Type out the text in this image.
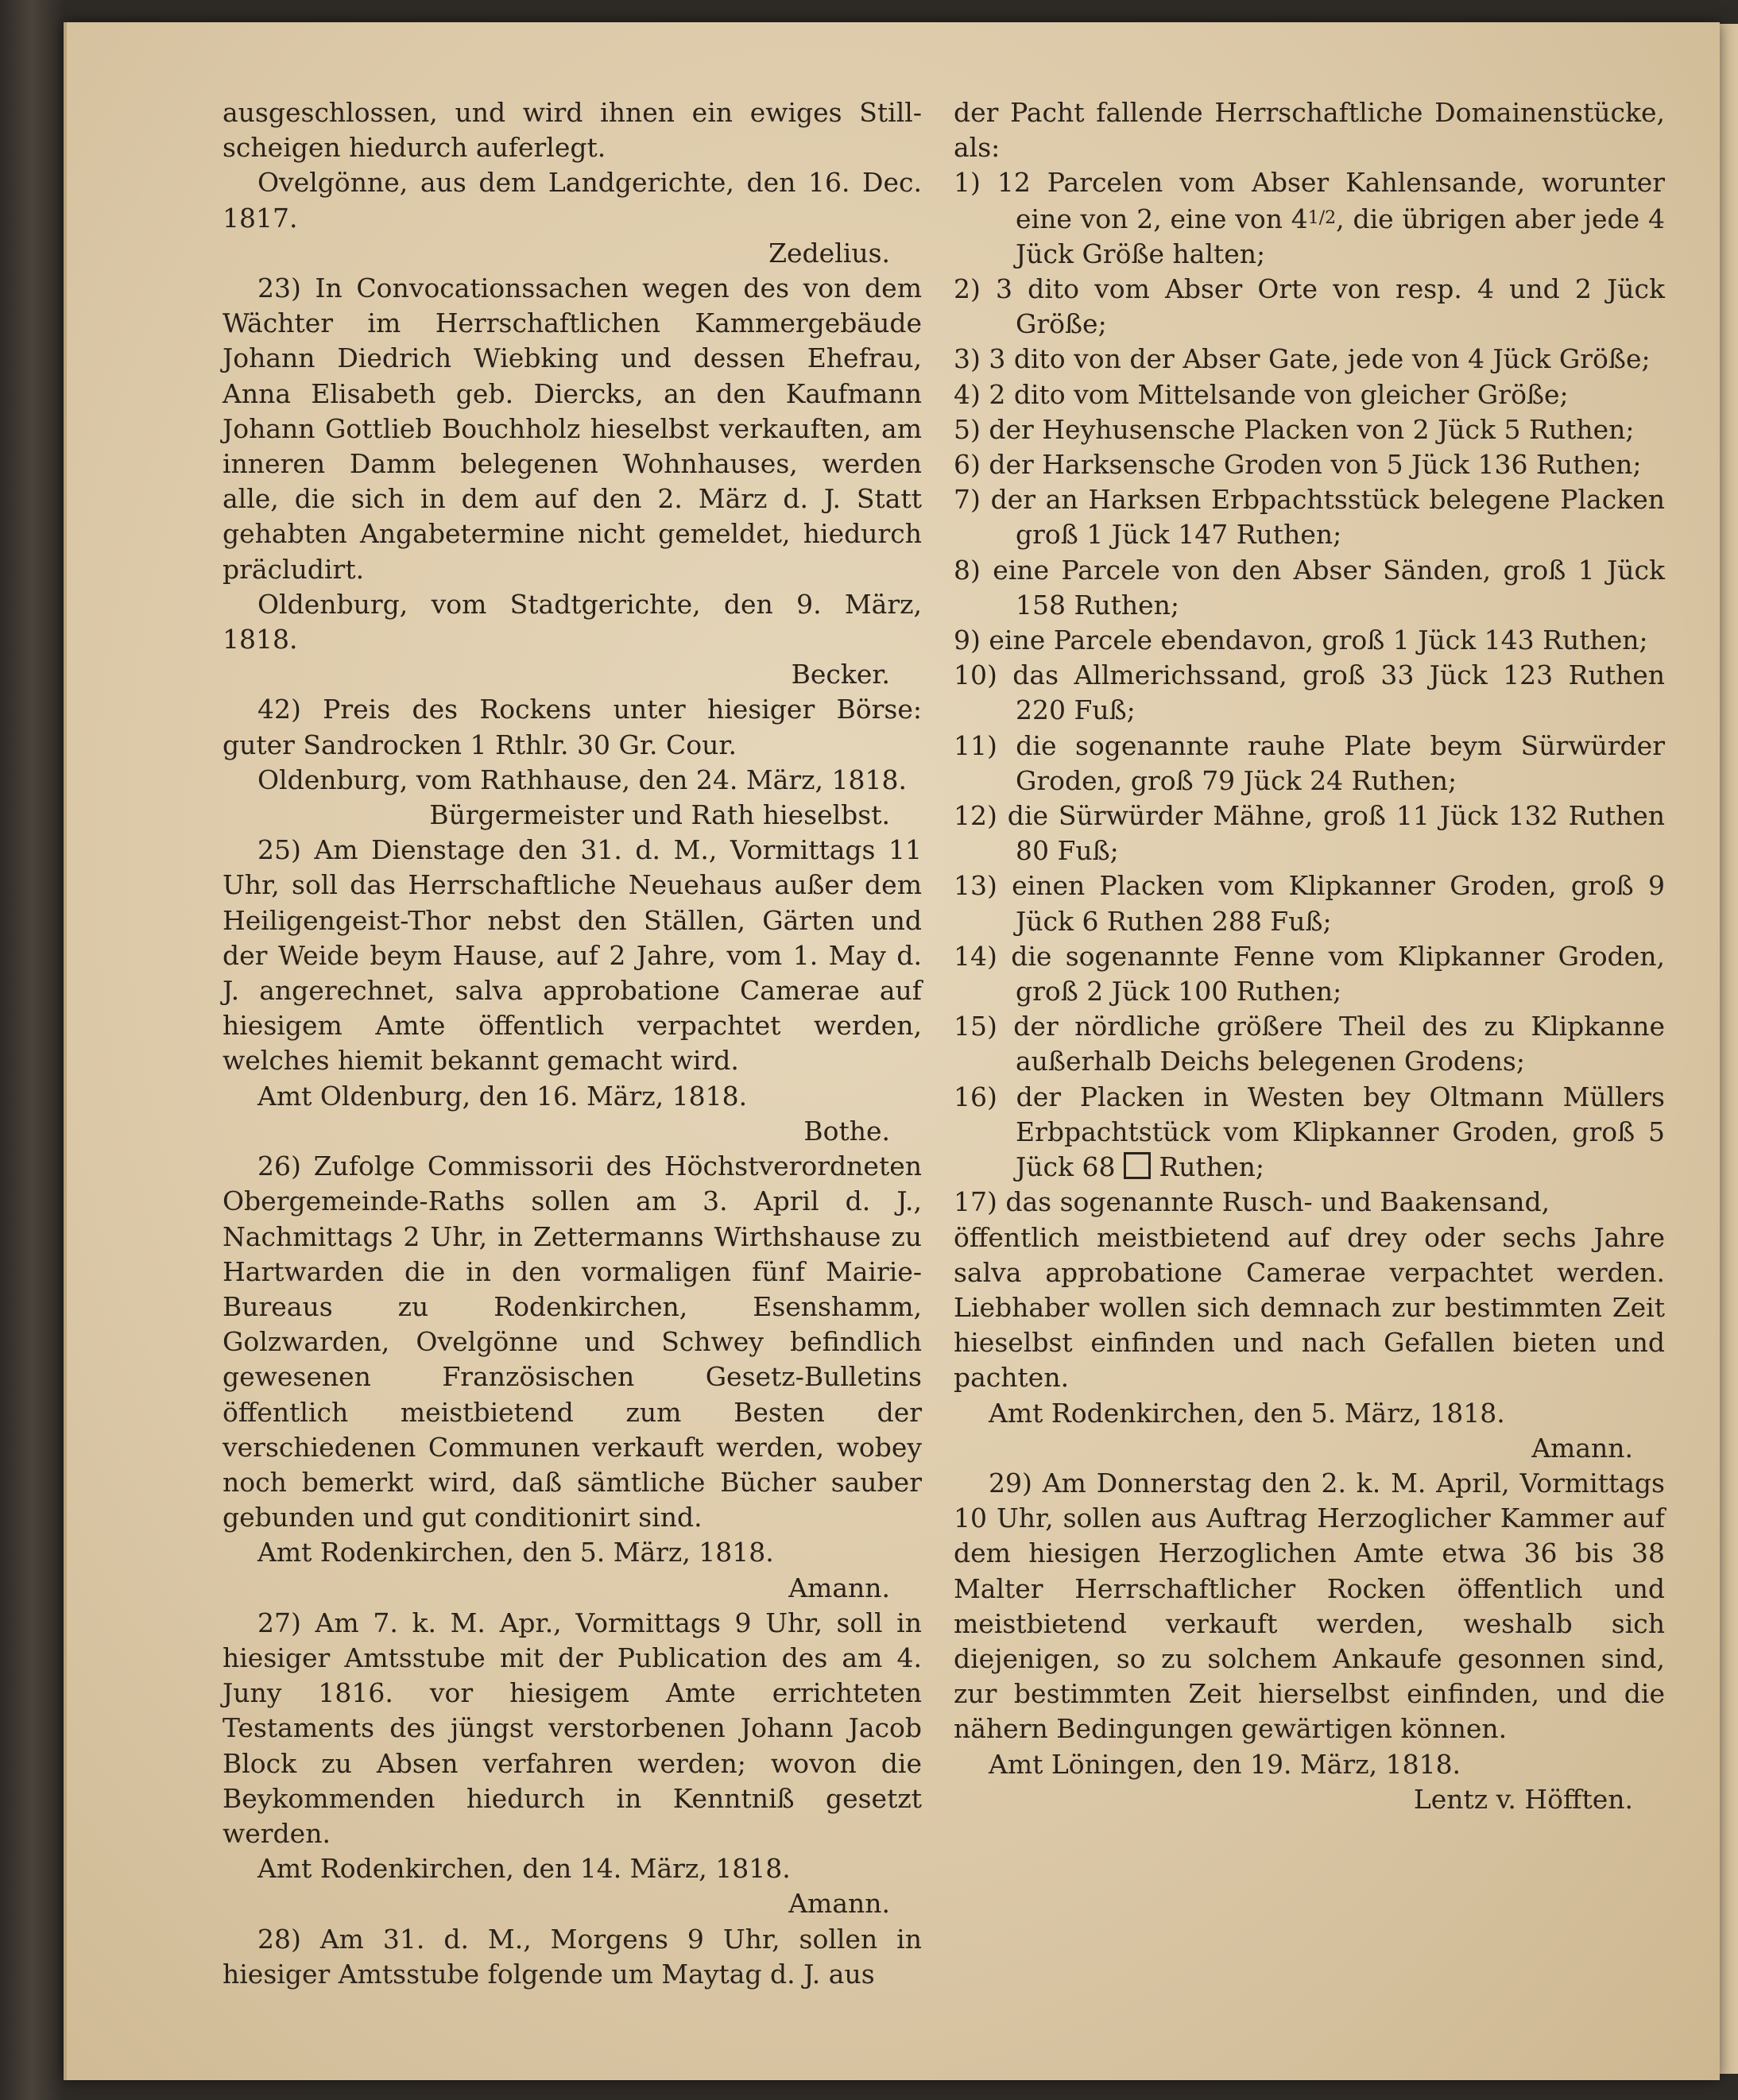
ausgeschlossen, und wird ihnen ein ewiges Still-scheigen hiedurch auferlegt.

Ovelgönne, aus dem Landgerichte, den 16. Dec. 1817.

Zedelius.

23) In Convocationssachen wegen des von dem Wächter im Herrschaftlichen Kammergebäude Johann Diedrich Wiebking und dessen Ehefrau, Anna Elisabeth geb. Diercks, an den Kaufmann Johann Gottlieb Bouchholz hieselbst verkauften, am inneren Damm belegenen Wohnhauses, werden alle, die sich in dem auf den 2. März d. J. Statt gehabten Angabetermine nicht gemeldet, hiedurch präcludirt.

Oldenburg, vom Stadtgerichte, den 9. März, 1818.

Becker.

42) Preis des Rockens unter hiesiger Börse: guter Sandrocken 1 Rthlr. 30 Gr. Cour.

Oldenburg, vom Rathhause, den 24. März, 1818.

Bürgermeister und Rath hieselbst.

25) Am Dienstage den 31. d. M., Vormittags 11 Uhr, soll das Herrschaftliche Neuehaus außer dem Heiligengeist-Thor nebst den Ställen, Gärten und der Weide beym Hause, auf 2 Jahre, vom 1. May d. J. angerechnet, salva approbatione Camerae auf hiesigem Amte öffentlich verpachtet werden, welches hiemit bekannt gemacht wird.

Amt Oldenburg, den 16. März, 1818.

Bothe.

26) Zufolge Commissorii des Höchstverordneten Obergemeinde-Raths sollen am 3. April d. J., Nachmittags 2 Uhr, in Zettermanns Wirthshause zu Hartwarden die in den vormaligen fünf Mairie-Bureaus zu Rodenkirchen, Esenshamm, Golzwarden, Ovelgönne und Schwey befindlich gewesenen Französischen Gesetz-Bulletins öffentlich meistbietend zum Besten der verschiedenen Communen verkauft werden, wobey noch bemerkt wird, daß sämtliche Bücher sauber gebunden und gut conditionirt sind.

Amt Rodenkirchen, den 5. März, 1818.

Amann.

27) Am 7. k. M. Apr., Vormittags 9 Uhr, soll in hiesiger Amtsstube mit der Publication des am 4. Juny 1816. vor hiesigem Amte errichteten Testaments des jüngst verstorbenen Johann Jacob Block zu Absen verfahren werden; wovon die Beykommenden hiedurch in Kenntniß gesetzt werden.

Amt Rodenkirchen, den 14. März, 1818.

Amann.

28) Am 31. d. M., Morgens 9 Uhr, sollen in hiesiger Amtsstube folgende um Maytag d. J. aus

der Pacht fallende Herrschaftliche Domainenstücke, als:

1) 12 Parcelen vom Abser Kahlensande, worunter eine von 2, eine von 41/2, die übrigen aber jede 4 Jück Größe halten;

2) 3 dito vom Abser Orte von resp. 4 und 2 Jück Größe;

3) 3 dito von der Abser Gate, jede von 4 Jück Größe;

4) 2 dito vom Mittelsande von gleicher Größe;

5) der Heyhusensche Placken von 2 Jück 5 Ruthen;

6) der Harksensche Groden von 5 Jück 136 Ruthen;

7) der an Harksen Erbpachtsstück belegene Placken groß 1 Jück 147 Ruthen;

8) eine Parcele von den Abser Sänden, groß 1 Jück 158 Ruthen;

9) eine Parcele ebendavon, groß 1 Jück 143 Ruthen;

10) das Allmerichssand, groß 33 Jück 123 Ruthen 220 Fuß;

11) die sogenannte rauhe Plate beym Sürwürder Groden, groß 79 Jück 24 Ruthen;

12) die Sürwürder Mähne, groß 11 Jück 132 Ruthen 80 Fuß;

13) einen Placken vom Klipkanner Groden, groß 9 Jück 6 Ruthen 288 Fuß;

14) die sogenannte Fenne vom Klipkanner Groden, groß 2 Jück 100 Ruthen;

15) der nördliche größere Theil des zu Klipkanne außerhalb Deichs belegenen Grodens;

16) der Placken in Westen bey Oltmann Müllers Erbpachtstück vom Klipkanner Groden, groß 5 Jück 68 Ruthen;

17) das sogenannte Rusch- und Baakensand,

öffentlich meistbietend auf drey oder sechs Jahre salva approbatione Camerae verpachtet werden. Liebhaber wollen sich demnach zur bestimmten Zeit hieselbst einfinden und nach Gefallen bieten und pachten.

Amt Rodenkirchen, den 5. März, 1818.

Amann.

29) Am Donnerstag den 2. k. M. April, Vormittags 10 Uhr, sollen aus Auftrag Herzoglicher Kammer auf dem hiesigen Herzoglichen Amte etwa 36 bis 38 Malter Herrschaftlicher Rocken öffentlich und meistbietend verkauft werden, weshalb sich diejenigen, so zu solchem Ankaufe gesonnen sind, zur bestimmten Zeit hierselbst einfinden, und die nähern Bedingungen gewärtigen können.

Amt Löningen, den 19. März, 1818.

Lentz v. Höfften.
